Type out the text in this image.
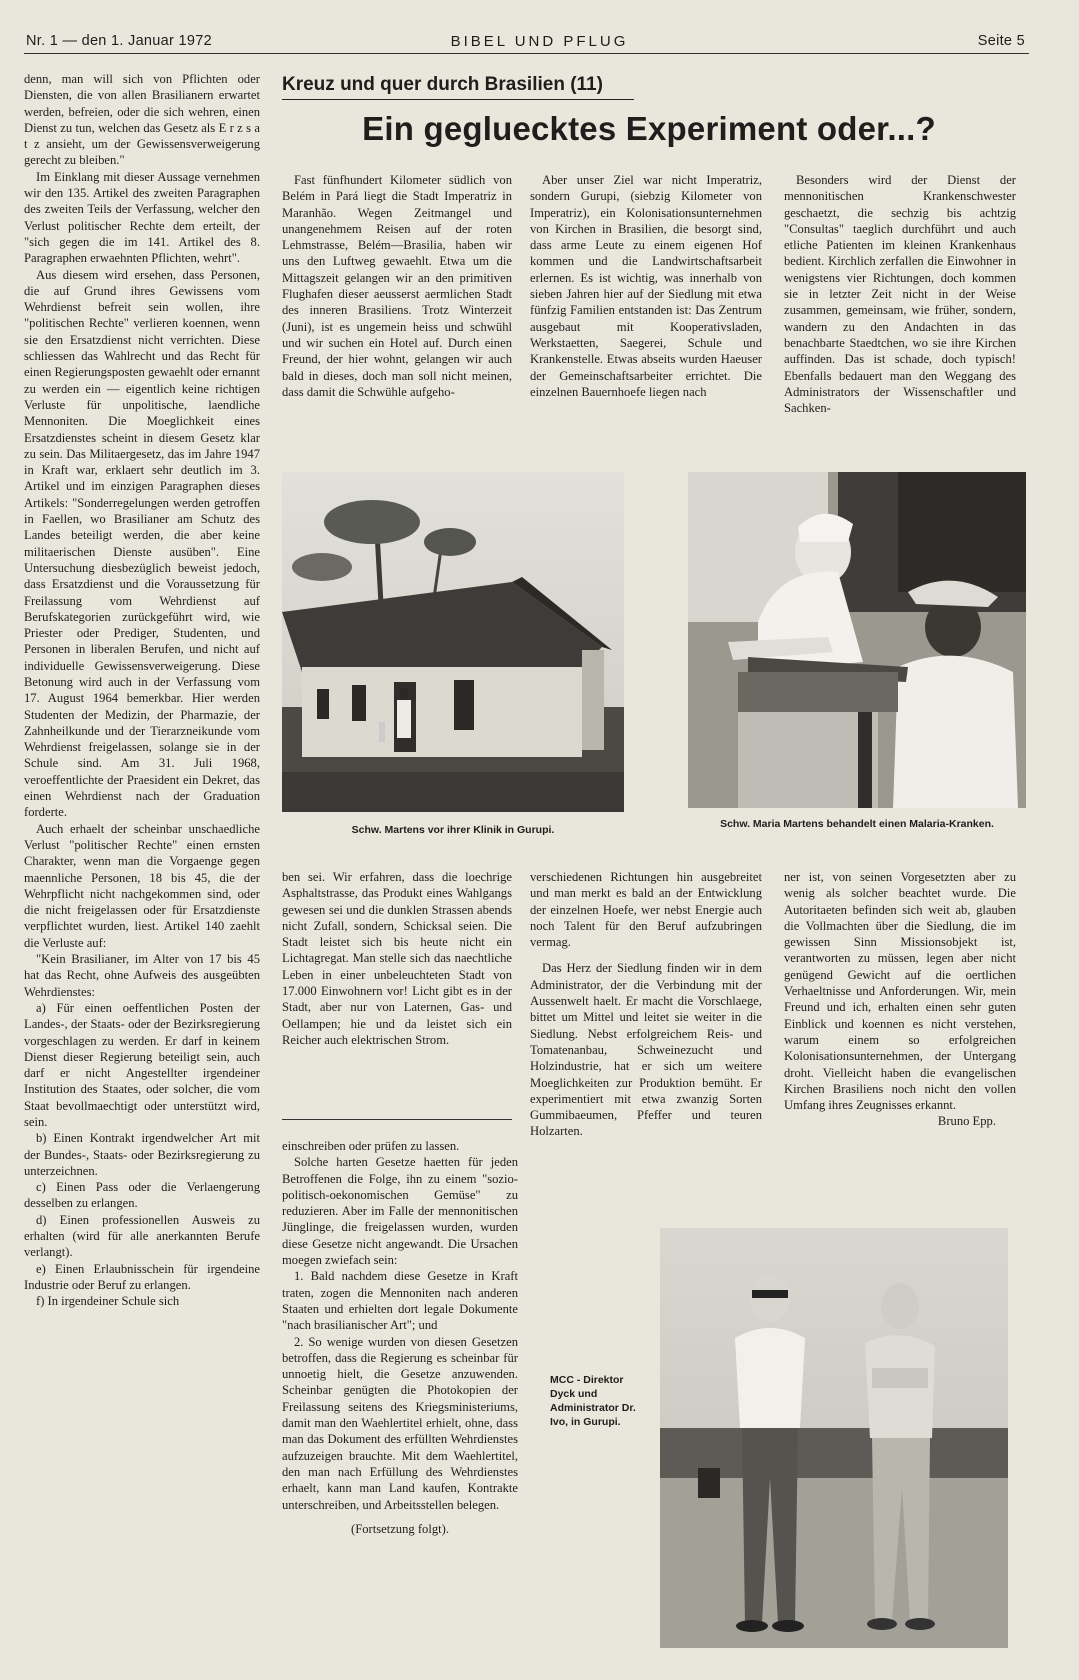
Nr. 1 — den 1. Januar 1972	BIBEL UND PFLUG	Seite 5

denn, man will sich von Pflichten oder Diensten, die von allen Brasilianern erwartet werden, befreien, oder die sich wehren, einen Dienst zu tun, welchen das Gesetz als E r z s a t z ansieht, um der Gewissensverweigerung gerecht zu bleiben."

Im Einklang mit dieser Aussage vernehmen wir den 135. Artikel des zweiten Paragraphen des zweiten Teils der Verfassung, welcher den Verlust politischer Rechte dem erteilt, der "sich gegen die im 141. Artikel des 8. Paragraphen erwaehnten Pflichten, wehrt".

Aus diesem wird ersehen, dass Personen, die auf Grund ihres Gewissens vom Wehrdienst befreit sein wollen, ihre "politischen Rechte" verlieren koennen, wenn sie den Ersatzdienst nicht verrichten. Diese schliessen das Wahlrecht und das Recht für einen Regierungsposten gewaehlt oder ernannt zu werden ein — eigentlich keine richtigen Verluste für unpolitische, laendliche Mennoniten. Die Moeglichkeit eines Ersatzdienstes scheint in diesem Gesetz klar zu sein. Das Militaergesetz, das im Jahre 1947 in Kraft war, erklaert sehr deutlich im 3. Artikel und im einzigen Paragraphen dieses Artikels: "Sonderregelungen werden getroffen in Faellen, wo Brasilianer am Schutz des Landes beteiligt werden, die aber keine militaerischen Dienste ausüben". Eine Untersuchung diesbezüglich beweist jedoch, dass Ersatzdienst und die Voraussetzung für Freilassung vom Wehrdienst auf Berufskategorien zurückgeführt wird, wie Priester oder Prediger, Studenten, und Personen in liberalen Berufen, und nicht auf individuelle Gewissensverweigerung. Diese Betonung wird auch in der Verfassung vom 17. August 1964 bemerkbar. Hier werden Studenten der Medizin, der Pharmazie, der Zahnheilkunde und der Tierarzneikunde vom Wehrdienst freigelassen, solange sie in der Schule sind. Am 31. Juli 1968, veroeffentlichte der Praesident ein Dekret, das einen Wehrdienst nach der Graduation forderte.

Auch erhaelt der scheinbar unschaedliche Verlust "politischer Rechte" einen ernsten Charakter, wenn man die Vorgaenge gegen maennliche Personen, 18 bis 45, die der Wehrpflicht nicht nachgekommen sind, oder die nicht freigelassen oder für Ersatzdienste verpflichtet wurden, liest. Artikel 140 zaehlt die Verluste auf:

"Kein Brasilianer, im Alter von 17 bis 45 hat das Recht, ohne Aufweis des ausgeübten Wehrdienstes:

a) Für einen oeffentlichen Posten der Landes-, der Staats- oder der Bezirksregierung vorgeschlagen zu werden. Er darf in keinem Dienst dieser Regierung beteiligt sein, auch darf er nicht Angestellter irgendeiner Institution des Staates, oder solcher, die vom Staat bevollmaechtigt oder unterstützt wird, sein.

b) Einen Kontrakt irgendwelcher Art mit der Bundes-, Staats- oder Bezirksregierung zu unterzeichnen.

c) Einen Pass oder die Verlaengerung desselben zu erlangen.

d) Einen professionellen Ausweis zu erhalten (wird für alle anerkannten Berufe verlangt).

e) Einen Erlaubnisschein für irgendeine Industrie oder Beruf zu erlangen.

f) In irgendeiner Schule sich

Kreuz und quer durch Brasilien (11)
Ein gegluecktes Experiment oder...?

Fast fünfhundert Kilometer südlich von Belém in Pará liegt die Stadt Imperatriz in Maranhão. Wegen Zeitmangel und unangenehmem Reisen auf der roten Lehmstrasse, Belém—Brasilia, haben wir uns den Luftweg gewaehlt. Etwa um die Mittagszeit gelangen wir an den primitiven Flughafen dieser aeusserst aermlichen Stadt des inneren Brasiliens. Trotz Winterzeit (Juni), ist es ungemein heiss und schwühl und wir suchen ein Hotel auf. Durch einen Freund, der hier wohnt, gelangen wir auch bald in dieses, doch man soll nicht meinen, dass damit die Schwühle aufgeho-

Aber unser Ziel war nicht Imperatriz, sondern Gurupi, (siebzig Kilometer von Imperatriz), ein Kolonisationsunternehmen von Kirchen in Brasilien, die besorgt sind, dass arme Leute zu einem eigenen Hof kommen und die Landwirtschaftsarbeit erlernen. Es ist wichtig, was innerhalb von sieben Jahren hier auf der Siedlung mit etwa fünfzig Familien entstanden ist: Das Zentrum ausgebaut mit Kooperativsladen, Werkstaetten, Saegerei, Schule und Krankenstelle. Etwas abseits wurden Haeuser der Gemeinschaftsarbeiter errichtet. Die einzelnen Bauernhoefe liegen nach

Besonders wird der Dienst der mennonitischen Krankenschwester geschaetzt, die sechzig bis achtzig "Consultas" taeglich durchführt und auch etliche Patienten im kleinen Krankenhaus bedient. Kirchlich zerfallen die Einwohner in wenigstens vier Richtungen, doch kommen sie in letzter Zeit nicht in der Weise zusammen, gemeinsam, wie früher, sondern, wandern zu den Andachten in das benachbarte Staedtchen, wo sie ihre Kirchen auffinden. Das ist schade, doch typisch! Ebenfalls bedauert man den Weggang des Administrators der Wissenschaftler und Sachken-

Schw. Martens vor ihrer Klinik in Gurupi.	Schw. Maria Martens behandelt einen Malaria-Kranken.

ben sei. Wir erfahren, dass die loechrige Asphaltstrasse, das Produkt eines Wahlgangs gewesen sei und die dunklen Strassen abends nicht Zufall, sondern, Schicksal seien. Die Stadt leistet sich bis heute nicht ein Lichtagregat. Man stelle sich das naechtliche Leben in einer unbeleuchteten Stadt von 17.000 Einwohnern vor! Licht gibt es in der Stadt, aber nur von Laternen, Gas- und Oellampen; hie und da leistet sich ein Reicher auch elektrischen Strom.

verschiedenen Richtungen hin ausgebreitet und man merkt es bald an der Entwicklung der einzelnen Hoefe, wer nebst Energie auch noch Talent für den Beruf aufzubringen vermag.

Das Herz der Siedlung finden wir in dem Administrator, der die Verbindung mit der Aussenwelt haelt. Er macht die Vorschlaege, bittet um Mittel und leitet sie weiter in die Siedlung. Nebst erfolgreichem Reis- und Tomatenanbau, Schweinezucht und Holzindustrie, hat er sich um weitere Moeglichkeiten zur Produktion bemüht. Er experimentiert mit etwa zwanzig Sorten Gummibaeumen, Pfeffer und teuren Holzarten.

ner ist, von seinen Vorgesetzten aber zu wenig als solcher beachtet wurde. Die Autoritaeten befinden sich weit ab, glauben die Vollmachten über die Siedlung, die im gewissen Sinn Missionsobjekt ist, verantworten zu müssen, legen aber nicht genügend Gewicht auf die oertlichen Verhaeltnisse und Anforderungen. Wir, mein Freund und ich, erhalten einen sehr guten Einblick und koennen es nicht verstehen, warum einem so erfolgreichen Kolonisationsunternehmen, der Untergang droht. Vielleicht haben die evangelischen Kirchen Brasiliens noch nicht den vollen Umfang ihres Zeugnisses erkannt.

Bruno Epp.

einschreiben oder prüfen zu lassen.

Solche harten Gesetze haetten für jeden Betroffenen die Folge, ihn zu einem "sozio-politisch-oekonomischen Gemüse" zu reduzieren. Aber im Falle der mennonitischen Jünglinge, die freigelassen wurden, wurden diese Gesetze nicht angewandt. Die Ursachen moegen zwiefach sein:

1. Bald nachdem diese Gesetze in Kraft traten, zogen die Mennoniten nach anderen Staaten und erhielten dort legale Dokumente "nach brasilianischer Art"; und

2. So wenige wurden von diesen Gesetzen betroffen, dass die Regierung es scheinbar für unnoetig hielt, die Gesetze anzuwenden. Scheinbar genügten die Photokopien der Freilassung seitens des Kriegsministeriums, damit man den Waehlertitel erhielt, ohne, dass man das Dokument des erfüllten Wehrdienstes aufzuzeigen brauchte. Mit dem Waehlertitel, den man nach Erfüllung des Wehrdienstes erhaelt, kann man Land kaufen, Kontrakte unterschreiben, und Arbeitsstellen belegen.

(Fortsetzung folgt).

MCC - Direktor Dyck und Administrator Dr. Ivo, in Gurupi.
